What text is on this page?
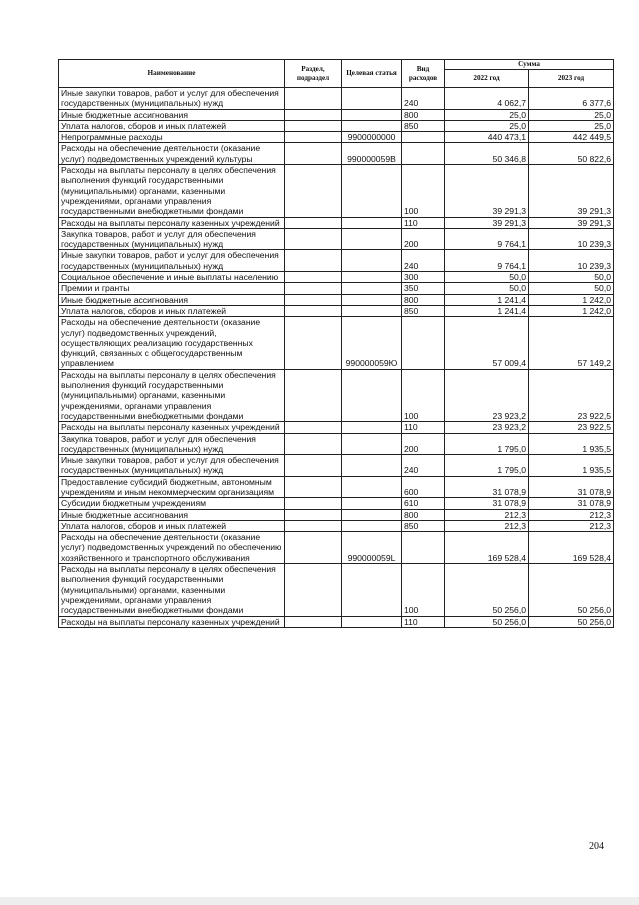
Наименование	Раздел, подраздел	Целевая статья	Вид расходов	Сумма	
				2022 год	2023 год
Иные закупки товаров, работ и услуг для обеспечения государственных (муниципальных) нужд			240	4 062,7	6 377,6
Иные бюджетные ассигнования			800	25,0	25,0
Уплата налогов, сборов и иных платежей			850	25,0	25,0
Непрограммные расходы		9900000000		440 473,1	442 449,5
Расходы на обеспечение деятельности (оказание услуг) подведомственных учреждений культуры		990000059В		50 346,8	50 822,6
Расходы на выплаты персоналу в целях обеспечения выполнения функций государственными (муниципальными) органами, казенными учреждениями, органами управления государственными внебюджетными фондами			100	39 291,3	39 291,3
Расходы на выплаты персоналу казенных учреждений			110	39 291,3	39 291,3
Закупка товаров, работ и услуг для обеспечения государственных (муниципальных) нужд			200	9 764,1	10 239,3
Иные закупки товаров, работ и услуг для обеспечения государственных (муниципальных) нужд			240	9 764,1	10 239,3
Социальное обеспечение и иные выплаты населению			300	50,0	50,0
Премии и гранты			350	50,0	50,0
Иные бюджетные ассигнования			800	1 241,4	1 242,0
Уплата налогов, сборов и иных платежей			850	1 241,4	1 242,0
Расходы на обеспечение деятельности (оказание услуг) подведомственных учреждений, осуществляющих реализацию государственных функций, связанных с общегосударственным управлением		990000059Ю		57 009,4	57 149,2
Расходы на выплаты персоналу в целях обеспечения выполнения функций государственными (муниципальными) органами, казенными учреждениями, органами управления государственными внебюджетными фондами			100	23 923,2	23 922,5
Расходы на выплаты персоналу казенных учреждений			110	23 923,2	23 922,5
Закупка товаров, работ и услуг для обеспечения государственных (муниципальных) нужд			200	1 795,0	1 935,5
Иные закупки товаров, работ и услуг для обеспечения государственных (муниципальных) нужд			240	1 795,0	1 935,5
Предоставление субсидий бюджетным, автономным учреждениям и иным некоммерческим организациям			600	31 078,9	31 078,9
Субсидии бюджетным учреждениям			610	31 078,9	31 078,9
Иные бюджетные ассигнования			800	212,3	212,3
Уплата налогов, сборов и иных платежей			850	212,3	212,3
Расходы на обеспечение деятельности (оказание услуг) подведомственных учреждений по обеспечению хозяйственного и транспортного обслуживания		990000059L		169 528,4	169 528,4
Расходы на выплаты персоналу в целях обеспечения выполнения функций государственными (муниципальными) органами, казенными учреждениями, органами управления государственными внебюджетными фондами			100	50 256,0	50 256,0
Расходы на выплаты персоналу казенных учреждений			110	50 256,0	50 256,0
204
